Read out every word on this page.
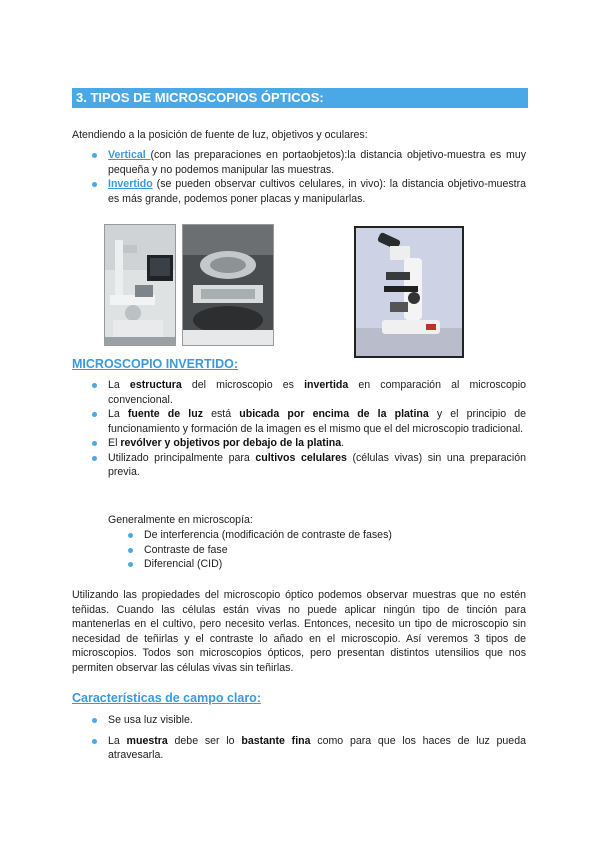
3. TIPOS DE MICROSCOPIOS ÓPTICOS:
Atendiendo a la posición de fuente de luz, objetivos y oculares:
Vertical (con las preparaciones en portaobjetos):la distancia objetivo-muestra es muy pequeña y no podemos manipular las muestras.
Invertido (se pueden observar cultivos celulares, in vivo): la distancia objetivo-muestra es más grande, podemos poner placas y manipularlas.
MICROSCOPIO INVERTIDO:
La estructura del microscopio es invertida en comparación al microscopio convencional.
La fuente de luz está ubicada por encima de la platina y el principio de funcionamiento y formación de la imagen es el mismo que el del microscopio tradicional.
El revólver y objetivos por debajo de la platina.
Utilizado principalmente para cultivos celulares (células vivas) sin una preparación previa.
Generalmente en microscopía:
De interferencia (modificación de contraste de fases)
Contraste de fase
Diferencial (CID)
Utilizando las propiedades del microscopio óptico podemos observar muestras que no estén teñidas. Cuando las células están vivas no puede aplicar ningún tipo de tinción para mantenerlas en el cultivo, pero necesito verlas. Entonces, necesito un tipo de microscopio sin necesidad de teñirlas y el contraste lo añado en el microscopio. Así veremos 3 tipos de microscopios. Todos son microscopios ópticos, pero presentan distintos utensilios que nos permiten observar las células vivas sin teñirlas.
Características de campo claro:
Se usa luz visible.
La muestra debe ser lo bastante fina como para que los haces de luz pueda atravesarla.
